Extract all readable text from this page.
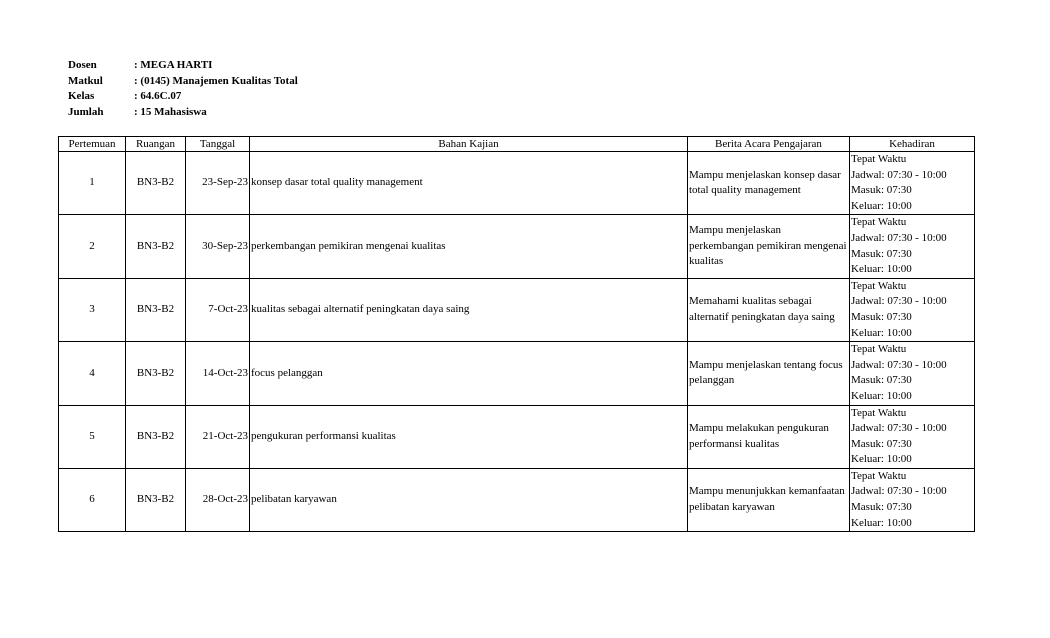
Dosen	: MEGA HARTI
Matkul	: (0145) Manajemen Kualitas Total
Kelas	: 64.6C.07
Jumlah	: 15 Mahasiswa
Pertemuan	Ruangan	Tanggal	Bahan Kajian	Berita Acara Pengajaran	Kehadiran
1	BN3-B2	23-Sep-23	konsep dasar total quality management	Mampu menjelaskan konsep dasar total quality management	Tepat Waktu
Jadwal: 07:30 - 10:00
Masuk: 07:30
Keluar: 10:00

2	BN3-B2	30-Sep-23	perkembangan pemikiran mengenai kualitas	Mampu menjelaskan perkembangan pemikiran mengenai kualitas	Tepat Waktu
Jadwal: 07:30 - 10:00
Masuk: 07:30
Keluar: 10:00

3	BN3-B2	7-Oct-23	kualitas sebagai alternatif peningkatan daya saing	Memahami kualitas sebagai alternatif peningkatan daya saing	Tepat Waktu
Jadwal: 07:30 - 10:00
Masuk: 07:30
Keluar: 10:00

4	BN3-B2	14-Oct-23	focus pelanggan	Mampu menjelaskan tentang focus pelanggan	Tepat Waktu
Jadwal: 07:30 - 10:00
Masuk: 07:30
Keluar: 10:00

5	BN3-B2	21-Oct-23	pengukuran performansi kualitas	Mampu melakukan pengukuran performansi kualitas	Tepat Waktu
Jadwal: 07:30 - 10:00
Masuk: 07:30
Keluar: 10:00

6	BN3-B2	28-Oct-23	pelibatan karyawan	Mampu menunjukkan kemanfaatan pelibatan karyawan	Tepat Waktu
Jadwal: 07:30 - 10:00
Masuk: 07:30
Keluar: 10:00
